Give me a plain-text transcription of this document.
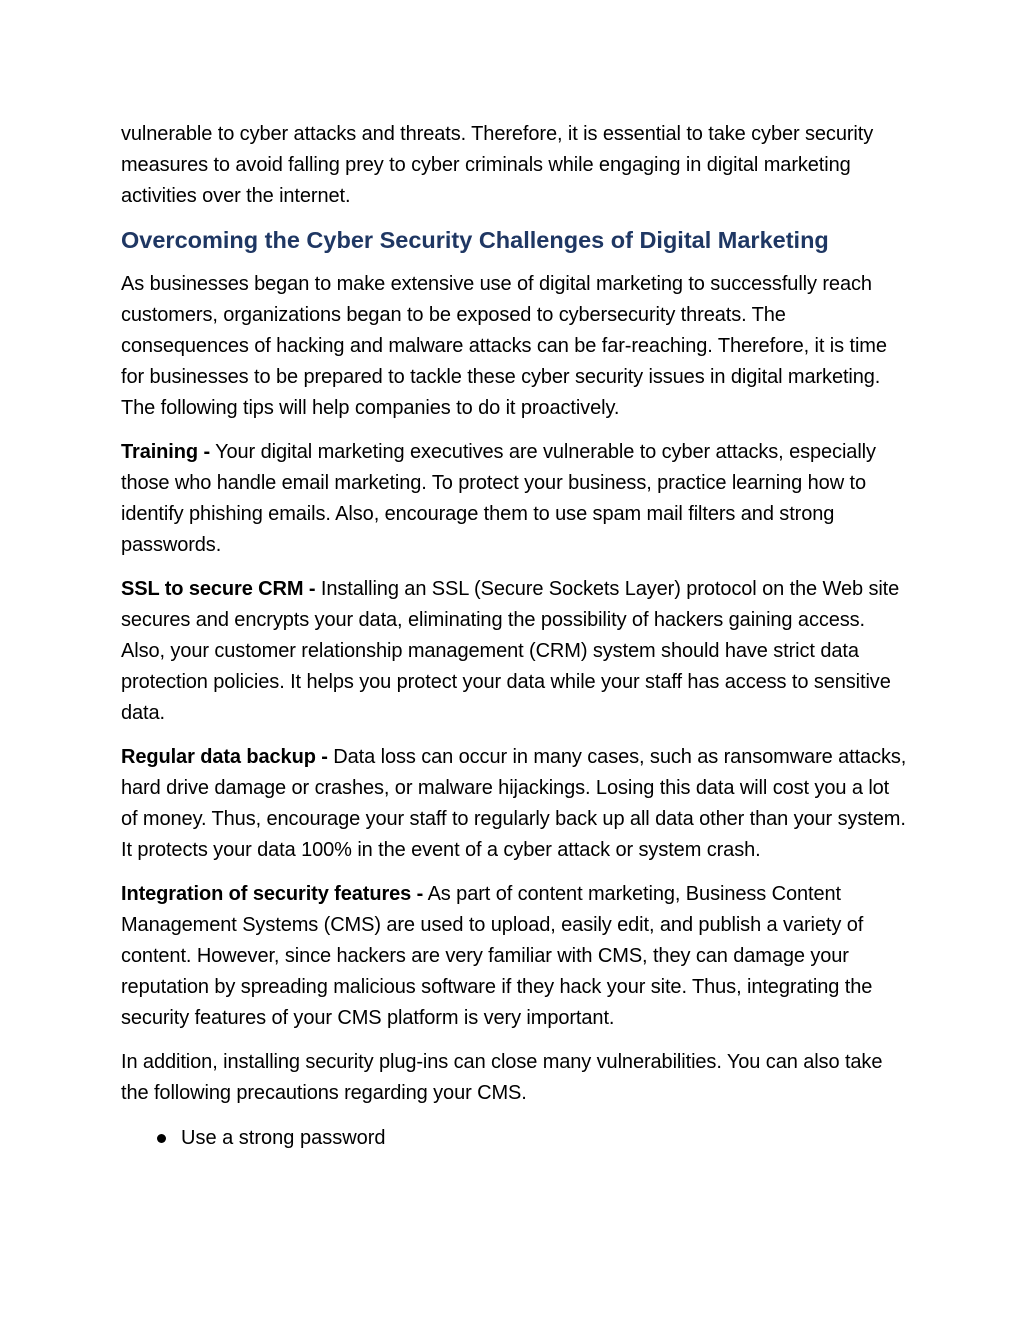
vulnerable to cyber attacks and threats. Therefore, it is essential to take cyber security measures to avoid falling prey to cyber criminals while engaging in digital marketing activities over the internet.

Overcoming the Cyber Security Challenges of Digital Marketing

As businesses began to make extensive use of digital marketing to successfully reach customers, organizations began to be exposed to cybersecurity threats. The consequences of hacking and malware attacks can be far-reaching. Therefore, it is time for businesses to be prepared to tackle these cyber security issues in digital marketing. The following tips will help companies to do it proactively.

Training - Your digital marketing executives are vulnerable to cyber attacks, especially those who handle email marketing. To protect your business, practice learning how to identify phishing emails. Also, encourage them to use spam mail filters and strong passwords.

SSL to secure CRM - Installing an SSL (Secure Sockets Layer) protocol on the Web site secures and encrypts your data, eliminating the possibility of hackers gaining access. Also, your customer relationship management (CRM) system should have strict data protection policies. It helps you protect your data while your staff has access to sensitive data.

Regular data backup - Data loss can occur in many cases, such as ransomware attacks, hard drive damage or crashes, or malware hijackings. Losing this data will cost you a lot of money. Thus, encourage your staff to regularly back up all data other than your system. It protects your data 100% in the event of a cyber attack or system crash.

Integration of security features - As part of content marketing, Business Content Management Systems (CMS) are used to upload, easily edit, and publish a variety of content. However, since hackers are very familiar with CMS, they can damage your reputation by spreading malicious software if they hack your site. Thus, integrating the security features of your CMS platform is very important.

In addition, installing security plug-ins can close many vulnerabilities. You can also take the following precautions regarding your CMS.

Use a strong password
